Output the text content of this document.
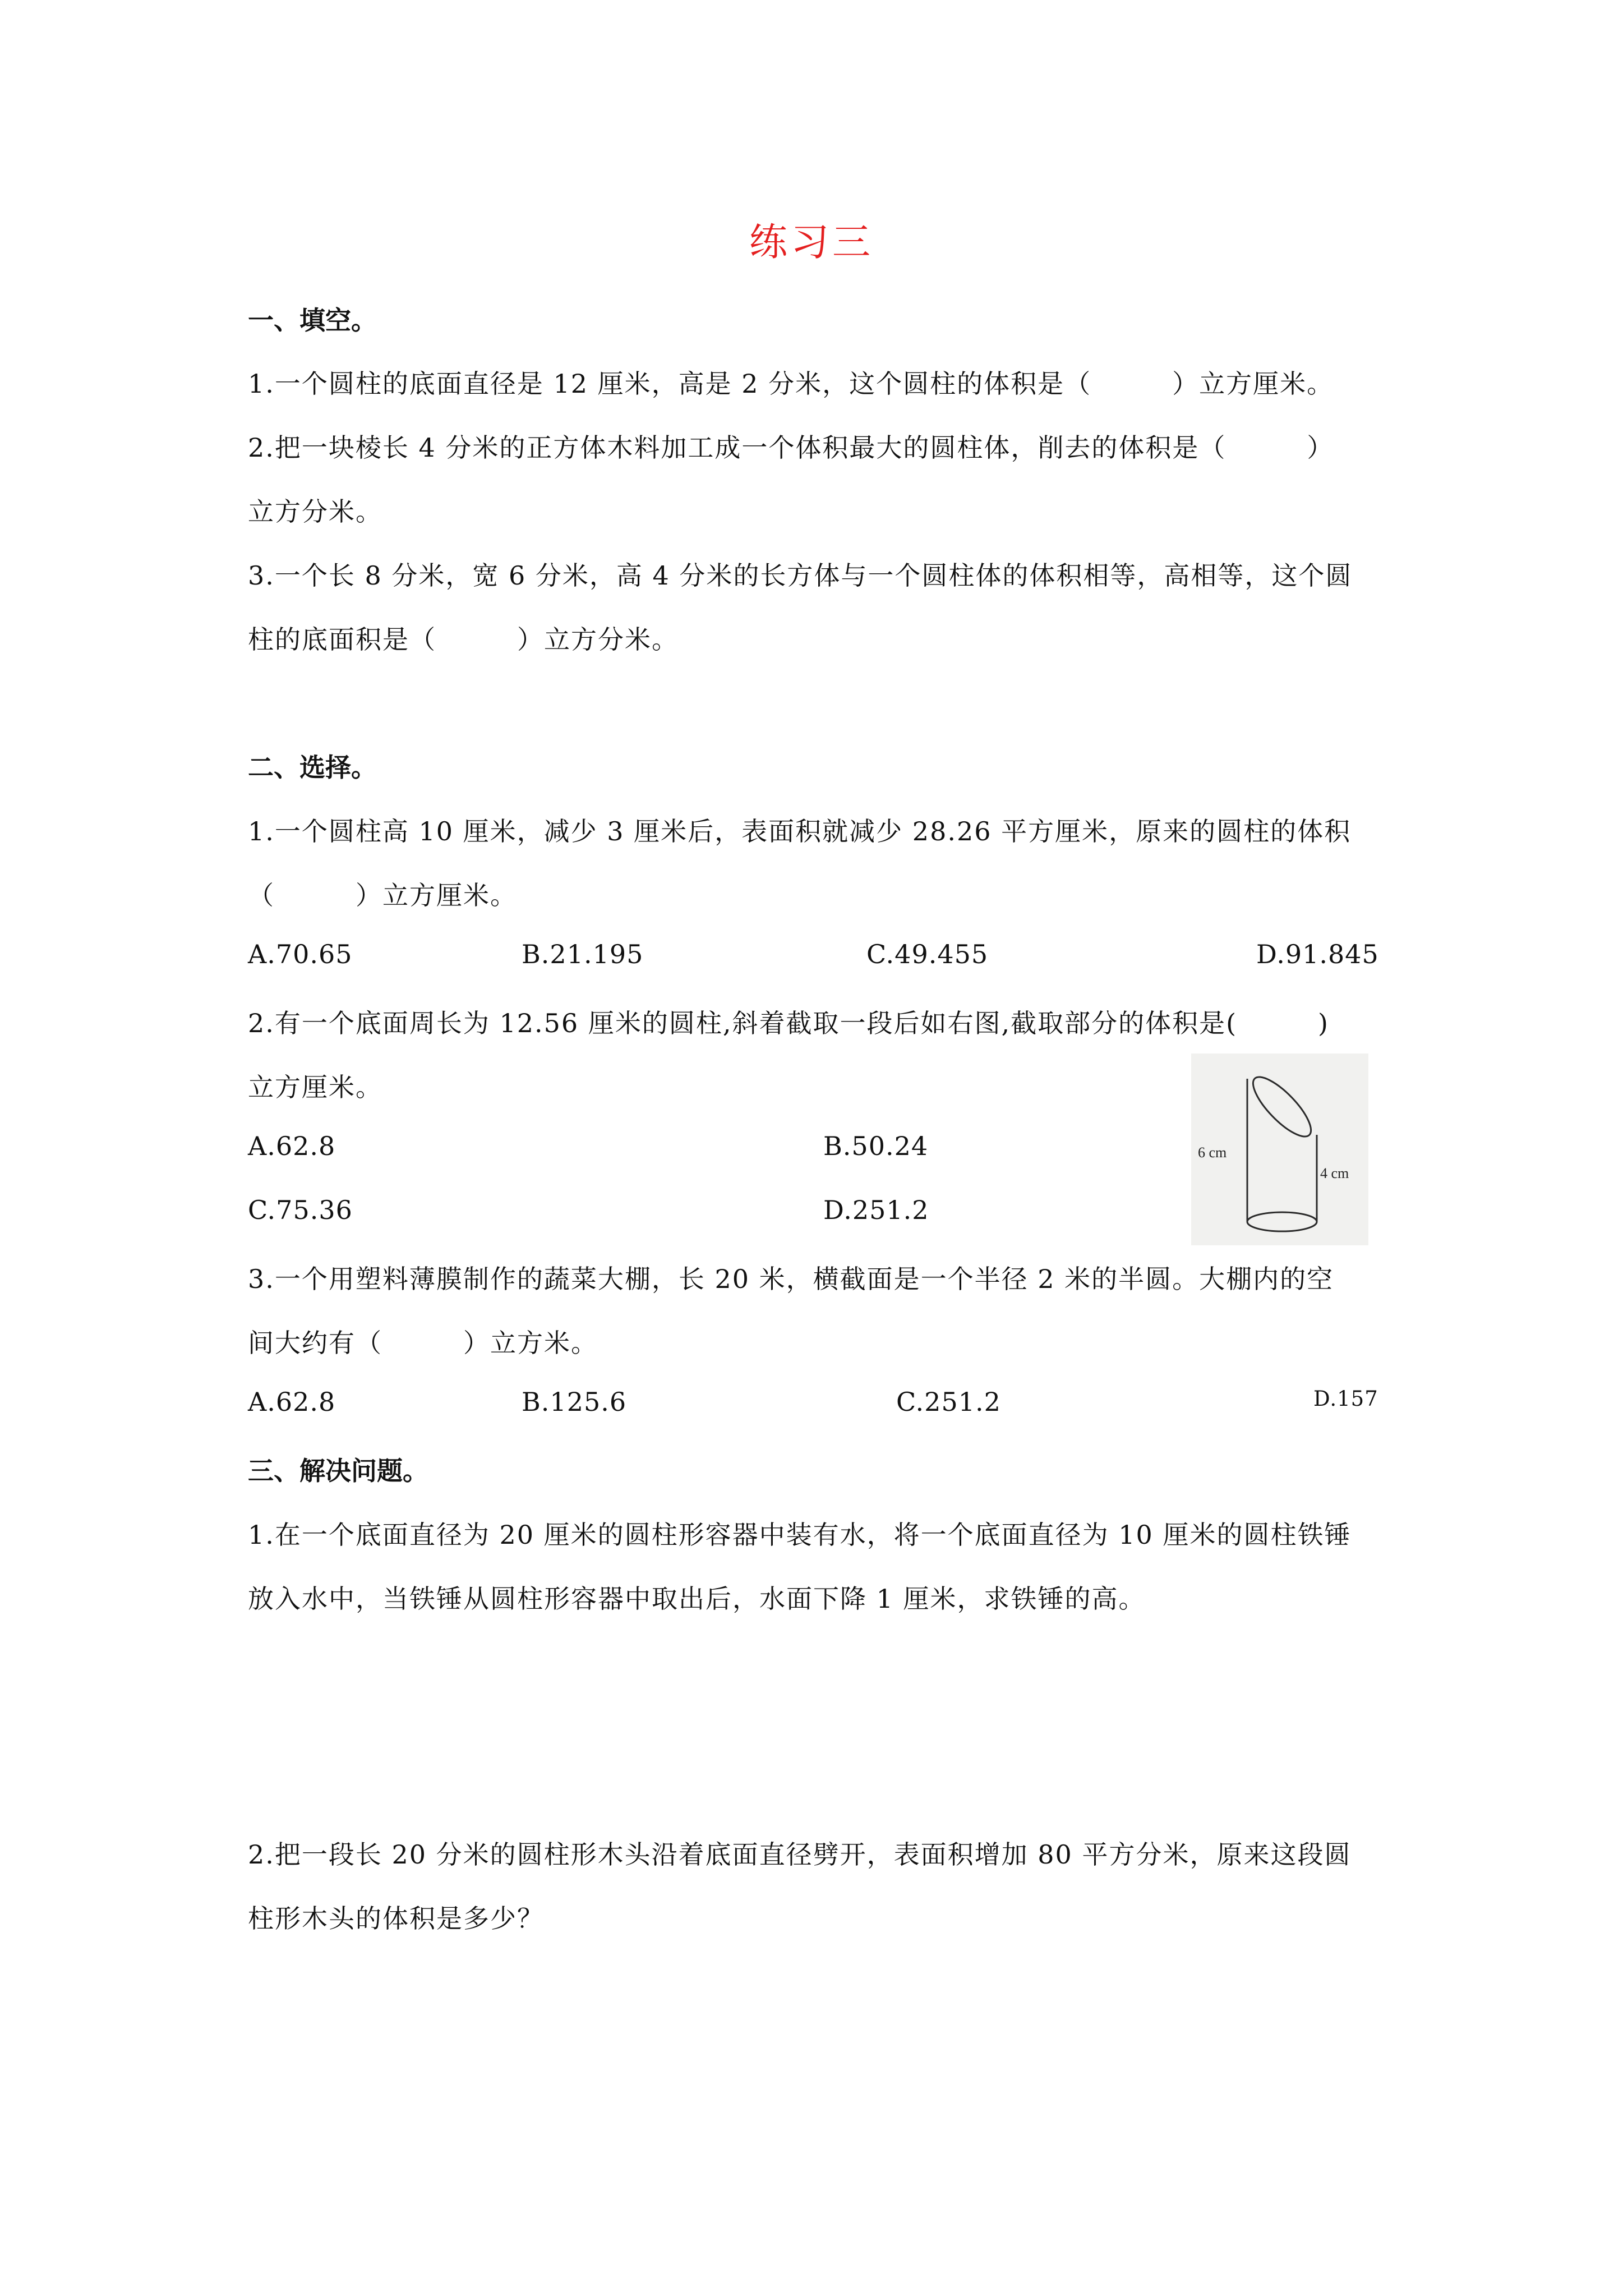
练习三
一、填空。
1.一个圆柱的底面直径是 12 厘米，高是 2 分米，这个圆柱的体积是（　　　）立方厘米。
2.把一块棱长 4 分米的正方体木料加工成一个体积最大的圆柱体，削去的体积是（　　　）
立方分米。
3.一个长 8 分米，宽 6 分米，高 4 分米的长方体与一个圆柱体的体积相等，高相等，这个圆
柱的底面积是（　　　）立方分米。
二、选择。
1.一个圆柱高 10 厘米，减少 3 厘米后，表面积就减少 28.26 平方厘米，原来的圆柱的体积
（　　　）立方厘米。
A.70.65	B.21.195	C.49.455	D.91.845
2.有一个底面周长为 12.56 厘米的圆柱,斜着截取一段后如右图,截取部分的体积是(　　　)
立方厘米。
A.62.8	B.50.24
C.75.36	D.251.2
6 cm
4 cm
3.一个用塑料薄膜制作的蔬菜大棚，长 20 米，横截面是一个半径 2 米的半圆。大棚内的空
间大约有（　　　）立方米。
A.62.8	B.125.6	C.251.2	D.157
三、解决问题。
1.在一个底面直径为 20 厘米的圆柱形容器中装有水，将一个底面直径为 10 厘米的圆柱铁锤
放入水中，当铁锤从圆柱形容器中取出后，水面下降 1 厘米，求铁锤的高。
2.把一段长 20 分米的圆柱形木头沿着底面直径劈开，表面积增加 80 平方分米，原来这段圆
柱形木头的体积是多少？
